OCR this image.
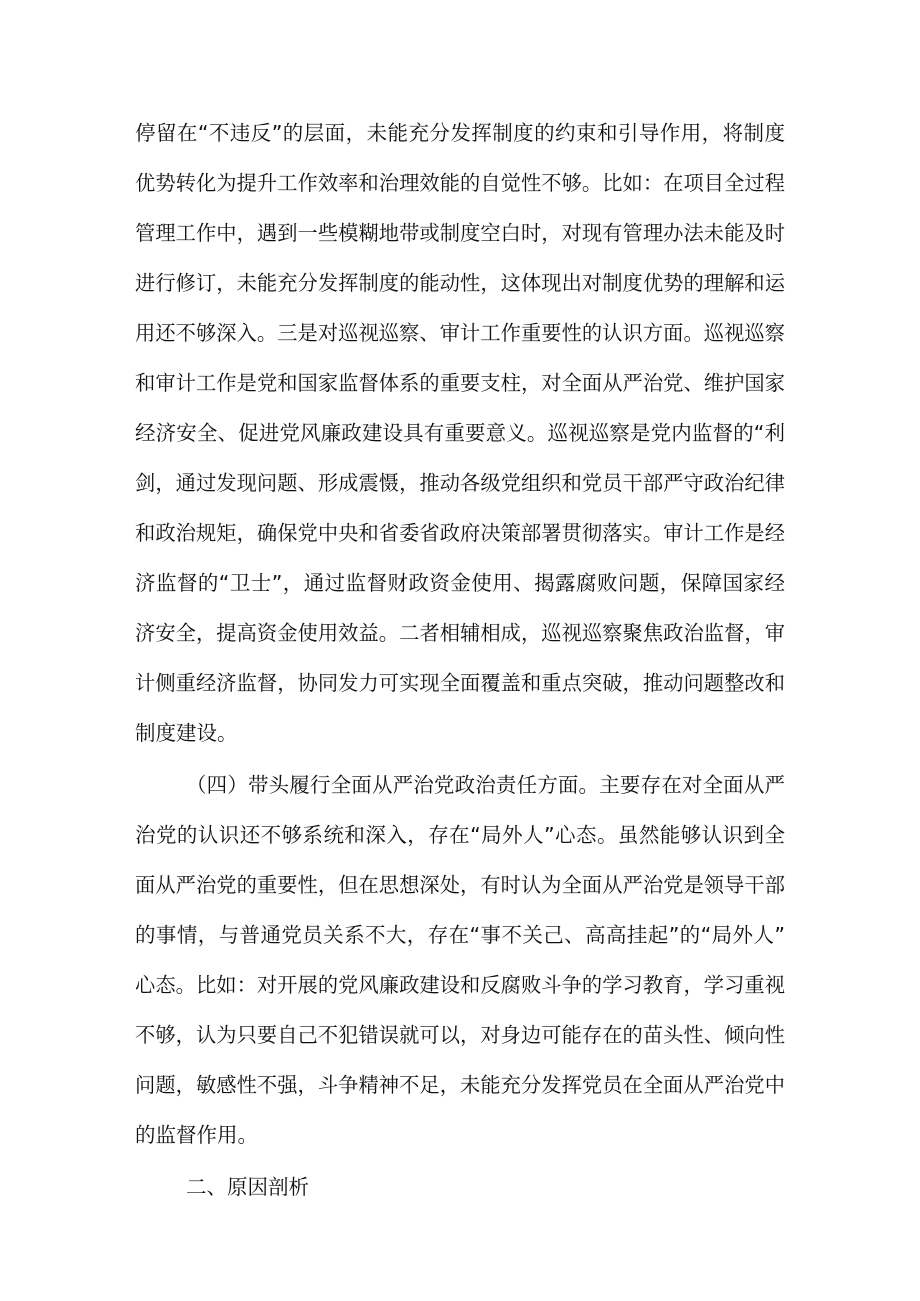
停留在“不违反”的层面，未能充分发挥制度的约束和引导作用，将制度
优势转化为提升工作效率和治理效能的自觉性不够。比如：在项目全过程
管理工作中，遇到一些模糊地带或制度空白时，对现有管理办法未能及时
进行修订，未能充分发挥制度的能动性，这体现出对制度优势的理解和运
用还不够深入。三是对巡视巡察、审计工作重要性的认识方面。巡视巡察
和审计工作是党和国家监督体系的重要支柱，对全面从严治党、维护国家
经济安全、促进党风廉政建设具有重要意义。巡视巡察是党内监督的“利
剑，通过发现问题、形成震慑，推动各级党组织和党员干部严守政治纪律
和政治规矩，确保党中央和省委省政府决策部署贯彻落实。审计工作是经
济监督的“卫士”，通过监督财政资金使用、揭露腐败问题，保障国家经
济安全，提高资金使用效益。二者相辅相成，巡视巡察聚焦政治监督，审
计侧重经济监督，协同发力可实现全面覆盖和重点突破，推动问题整改和
制度建设。
（四）带头履行全面从严治党政治责任方面。主要存在对全面从严
治党的认识还不够系统和深入，存在“局外人”心态。虽然能够认识到全
面从严治党的重要性，但在思想深处，有时认为全面从严治党是领导干部
的事情，与普通党员关系不大，存在“事不关己、高高挂起”的“局外人”
心态。比如：对开展的党风廉政建设和反腐败斗争的学习教育，学习重视
不够，认为只要自己不犯错误就可以，对身边可能存在的苗头性、倾向性
问题，敏感性不强，斗争精神不足，未能充分发挥党员在全面从严治党中
的监督作用。
二、原因剖析
